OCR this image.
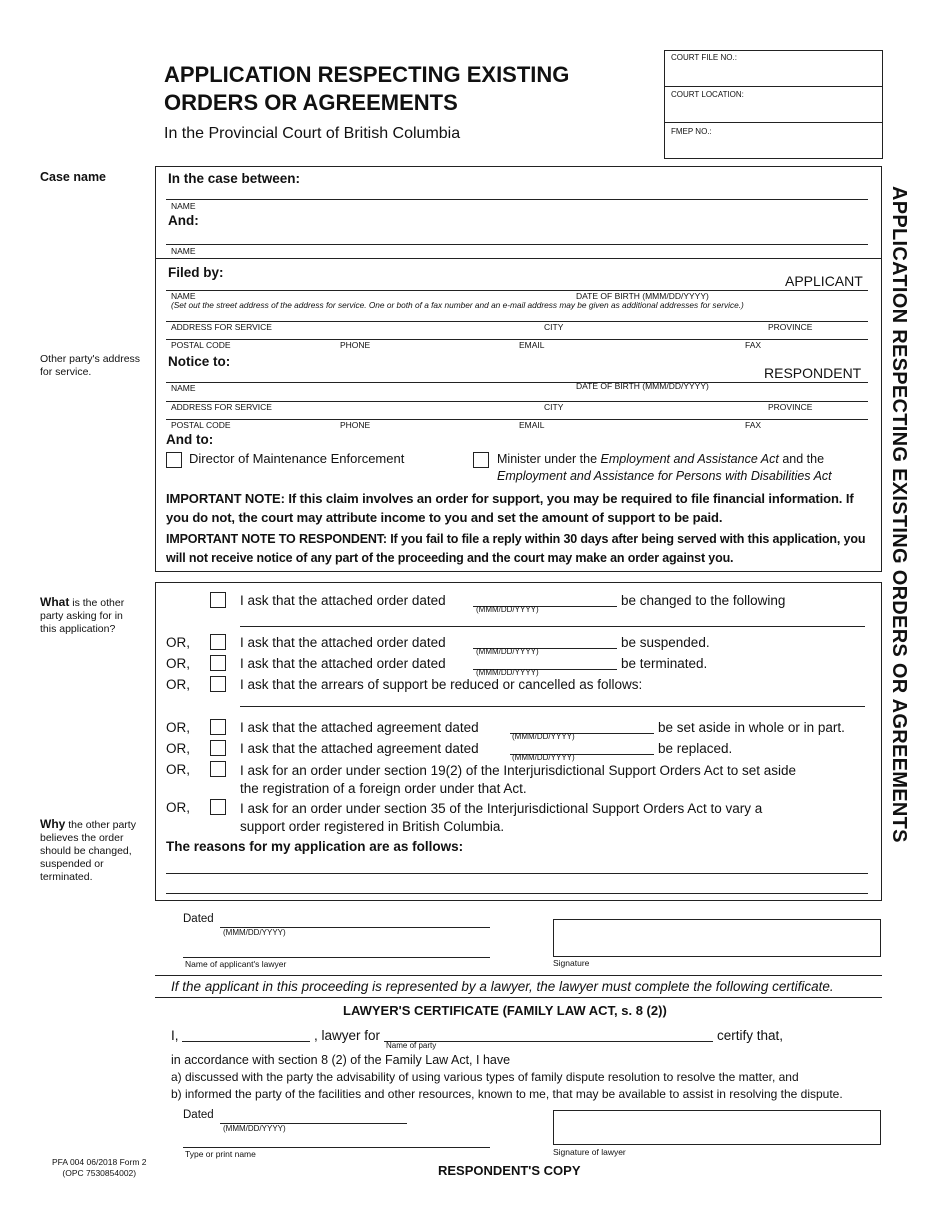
APPLICATION RESPECTING EXISTING
ORDERS OR AGREEMENTS
In the Provincial Court of British Columbia
COURT FILE NO.:
COURT LOCATION:
FMEP NO.:
APPLICATION RESPECTING EXISTING ORDERS OR AGREEMENTS
Case name
Other party's address for service.
What is the other party asking for in this application?
Why the other party believes the order should be changed, suspended or terminated.
In the case between:
NAME
And:
NAME
Filed by:
APPLICANT
NAME	DATE OF BIRTH (MMM/DD/YYYY)
(Set out the street address of the address for service. One or both of a fax number and an e-mail address may be given as additional addresses for service.)
ADDRESS FOR SERVICE	CITY	PROVINCE
POSTAL CODE	PHONE	EMAIL	FAX
Notice to:
RESPONDENT
NAME	DATE OF BIRTH (MMM/DD/YYYY)
ADDRESS FOR SERVICE	CITY	PROVINCE
POSTAL CODE	PHONE	EMAIL	FAX
And to:
Director of Maintenance Enforcement	Minister under the Employment and Assistance Act and the
Employment and Assistance for Persons with Disabilities Act
IMPORTANT NOTE: If this claim involves an order for support, you may be required to file financial information. If you do not, the court may attribute income to you and set the amount of support to be paid.
IMPORTANT NOTE TO RESPONDENT: If you fail to file a reply within 30 days after being served with this application, you will not receive notice of any part of the proceeding and the court may make an order against you.
I ask that the attached order dated
(MMM/DD/YYYY)
be changed to the following
OR,	I ask that the attached order dated
(MMM/DD/YYYY)
be suspended.
OR,	I ask that the attached order dated
(MMM/DD/YYYY)
be terminated.
OR,	I ask that the arrears of support be reduced or cancelled as follows:
OR,	I ask that the attached agreement dated
(MMM/DD/YYYY)
be set aside in whole or in part.
OR,	I ask that the attached agreement dated
(MMM/DD/YYYY)
be replaced.
OR,	I ask for an order under section 19(2) of the Interjurisdictional Support Orders Act to set aside
the registration of a foreign order under that Act.
OR,	I ask for an order under section 35 of the Interjurisdictional Support Orders Act to vary a
support order registered in British Columbia.
The reasons for my application are as follows:
Dated
(MMM/DD/YYYY)
Name of applicant's lawyer	Signature
If the applicant in this proceeding is represented by a lawyer, the lawyer must complete the following certificate.
LAWYER'S CERTIFICATE (FAMILY LAW ACT, s. 8 (2))
I,	, lawyer for
Name of party
certify that,
in accordance with section 8 (2) of the Family Law Act, I have
a) discussed with the party the advisability of using various types of family dispute resolution to resolve the matter, and
b) informed the party of the facilities and other resources, known to me, that may be available to assist in resolving the dispute.
Dated
(MMM/DD/YYYY)
Type or print name	Signature of lawyer
PFA 004 06/2018 Form 2
(OPC 7530854002)	RESPONDENT'S COPY
